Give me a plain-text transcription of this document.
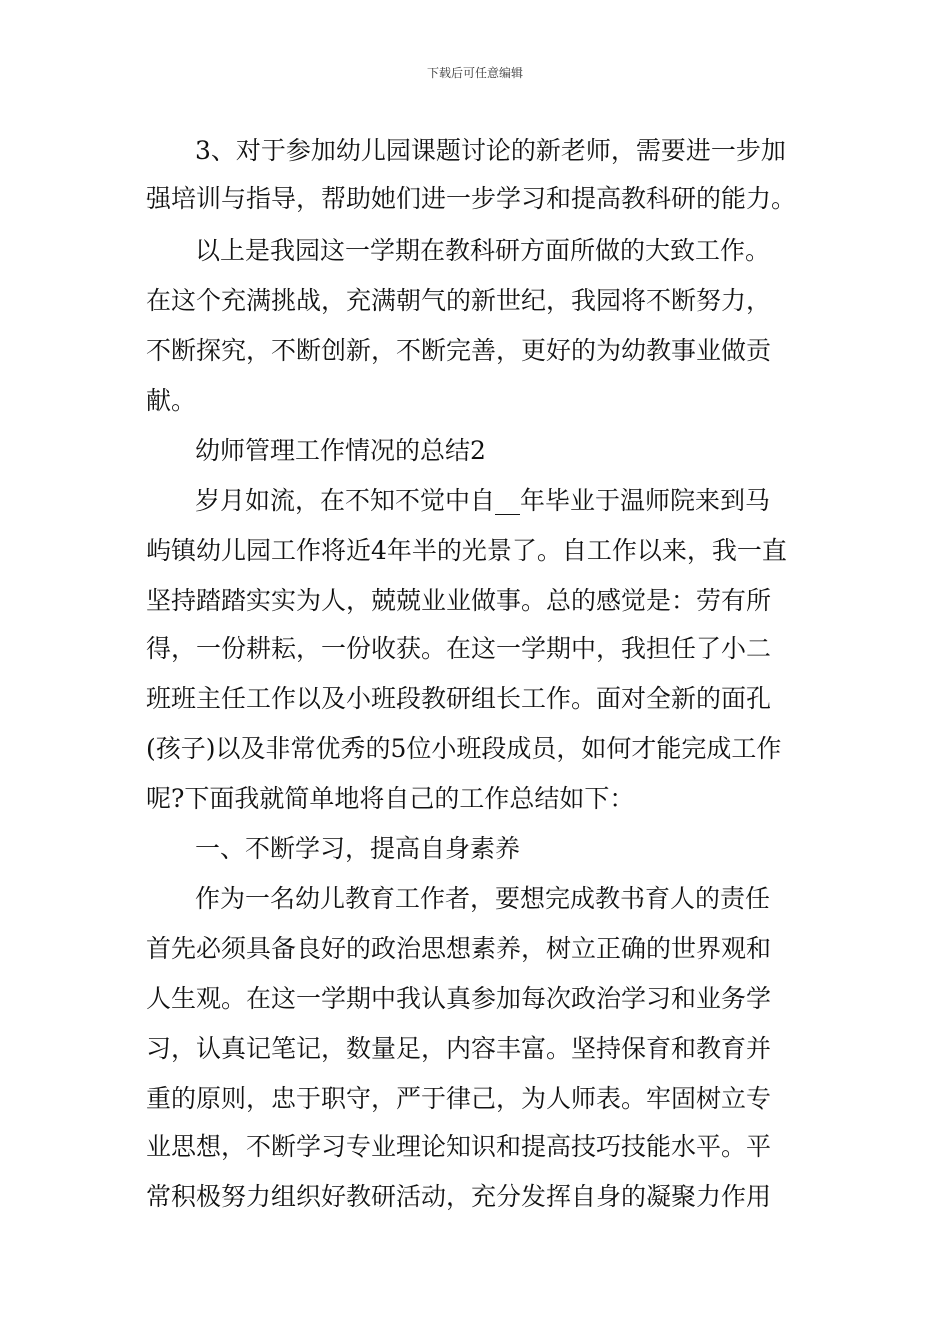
下载后可任意编辑
3、对于参加幼儿园课题讨论的新老师，需要进一步加
强培训与指导，帮助她们进一步学习和提高教科研的能力。
以上是我园这一学期在教科研方面所做的大致工作。
在这个充满挑战，充满朝气的新世纪，我园将不断努力，
不断探究，不断创新，不断完善，更好的为幼教事业做贡
献。
幼师管理工作情况的总结2
岁月如流，在不知不觉中自__年毕业于温师院来到马
屿镇幼儿园工作将近4年半的光景了。自工作以来，我一直
坚持踏踏实实为人，兢兢业业做事。总的感觉是：劳有所
得，一份耕耘，一份收获。在这一学期中，我担任了小二
班班主任工作以及小班段教研组长工作。面对全新的面孔
(孩子)以及非常优秀的5位小班段成员，如何才能完成工作
呢?下面我就简单地将自己的工作总结如下：
一、不断学习，提高自身素养
作为一名幼儿教育工作者，要想完成教书育人的责任
首先必须具备良好的政治思想素养，树立正确的世界观和
人生观。在这一学期中我认真参加每次政治学习和业务学
习，认真记笔记，数量足，内容丰富。坚持保育和教育并
重的原则，忠于职守，严于律己，为人师表。牢固树立专
业思想，不断学习专业理论知识和提高技巧技能水平。平
常积极努力组织好教研活动，充分发挥自身的凝聚力作用
